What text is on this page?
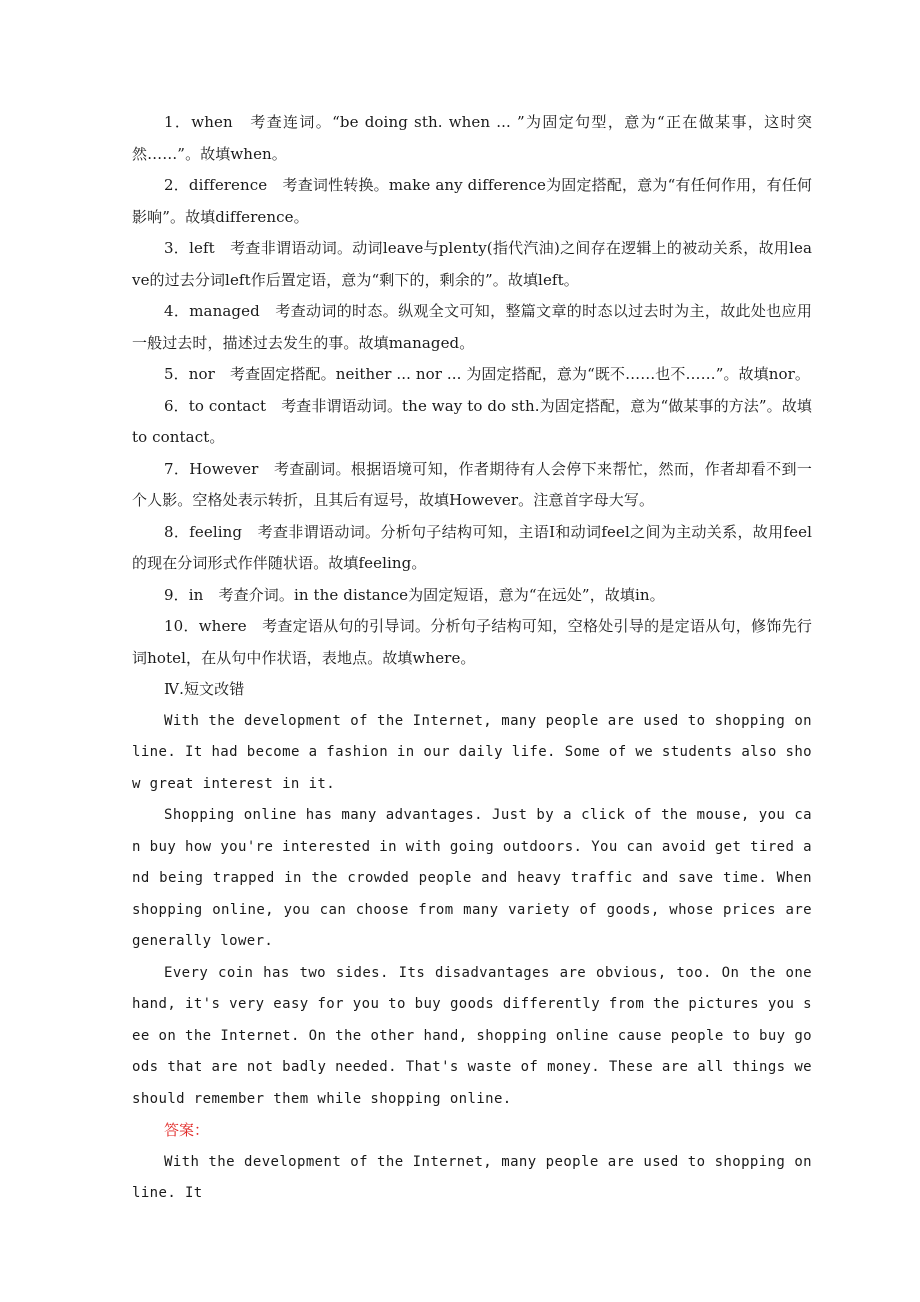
1．when　考查连词。“be doing sth. when ... ”为固定句型，意为“正在做某事，这时突然……”。故填when。

2．difference　考查词性转换。make any difference为固定搭配，意为“有任何作用，有任何影响”。故填difference。

3．left　考查非谓语动词。动词leave与plenty(指代汽油)之间存在逻辑上的被动关系，故用leave的过去分词left作后置定语，意为“剩下的，剩余的”。故填left。

4．managed　考查动词的时态。纵观全文可知，整篇文章的时态以过去时为主，故此处也应用一般过去时，描述过去发生的事。故填managed。

5．nor　考查固定搭配。neither ... nor ... 为固定搭配，意为“既不……也不……”。故填nor。

6．to contact　考查非谓语动词。the way to do sth.为固定搭配，意为“做某事的方法”。故填to contact。

7．However　考查副词。根据语境可知，作者期待有人会停下来帮忙，然而，作者却看不到一个人影。空格处表示转折，且其后有逗号，故填However。注意首字母大写。

8．feeling　考查非谓语动词。分析句子结构可知，主语I和动词feel之间为主动关系，故用feel的现在分词形式作伴随状语。故填feeling。

9．in　考查介词。in the distance为固定短语，意为“在远处”，故填in。

10．where　考查定语从句的引导词。分析句子结构可知，空格处引导的是定语从句，修饰先行词hotel，在从句中作状语，表地点。故填where。

Ⅳ.短文改错

With the development of the Internet, many people are used to shopping online. It had become a fashion in our daily life. Some of we students also show great interest in it.

Shopping online has many advantages. Just by a click of the mouse, you can buy how you're interested in with going outdoors. You can avoid get tired and being trapped in the crowded people and heavy traffic and save time. When shopping online, you can choose from many variety of goods, whose prices are generally lower.

Every coin has two sides. Its disadvantages are obvious, too. On the one hand, it's very easy for you to buy goods differently from the pictures you see on the Internet. On the other hand, shopping online cause people to buy goods that are not badly needed. That's waste of money. These are all things we should remember them while shopping online.

答案：

With the development of the Internet, many people are used to shopping online. It
